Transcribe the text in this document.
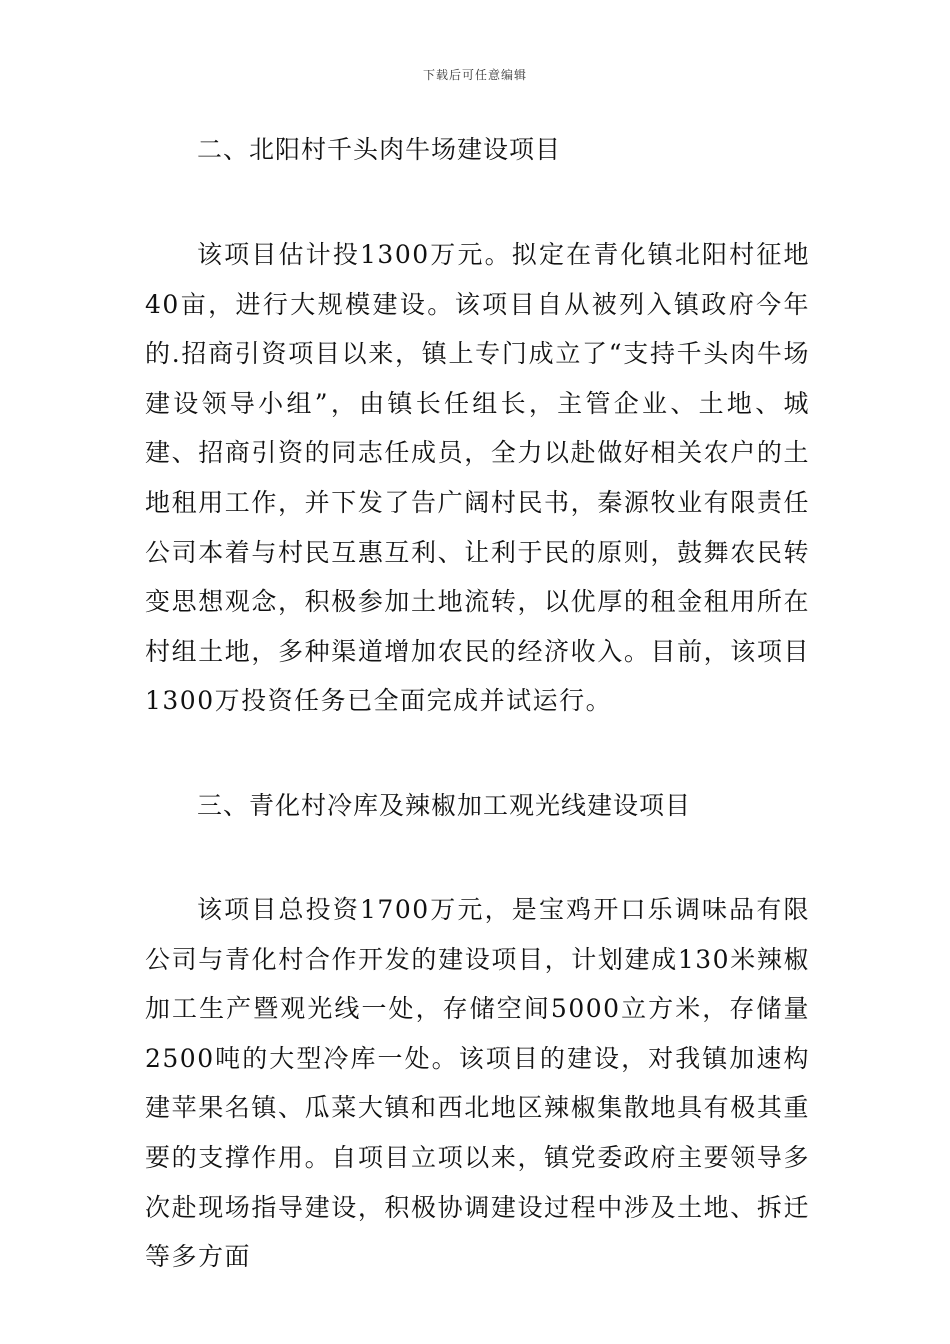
下载后可任意编辑
二、北阳村千头肉牛场建设项目

该项目估计投1300万元。拟定在青化镇北阳村征地40亩，进行大规模建设。该项目自从被列入镇政府今年的.招商引资项目以来，镇上专门成立了“支持千头肉牛场建设领导小组”，由镇长任组长，主管企业、土地、城建、招商引资的同志任成员，全力以赴做好相关农户的土地租用工作，并下发了告广阔村民书，秦源牧业有限责任公司本着与村民互惠互利、让利于民的原则，鼓舞农民转变思想观念，积极参加土地流转，以优厚的租金租用所在村组土地，多种渠道增加农民的经济收入。目前，该项目1300万投资任务已全面完成并试运行。

三、青化村冷库及辣椒加工观光线建设项目

该项目总投资1700万元，是宝鸡开口乐调味品有限公司与青化村合作开发的建设项目，计划建成130米辣椒加工生产暨观光线一处，存储空间5000立方米，存储量2500吨的大型冷库一处。该项目的建设，对我镇加速构建苹果名镇、瓜菜大镇和西北地区辣椒集散地具有极其重要的支撑作用。自项目立项以来，镇党委政府主要领导多次赴现场指导建设，积极协调建设过程中涉及土地、拆迁等多方面
